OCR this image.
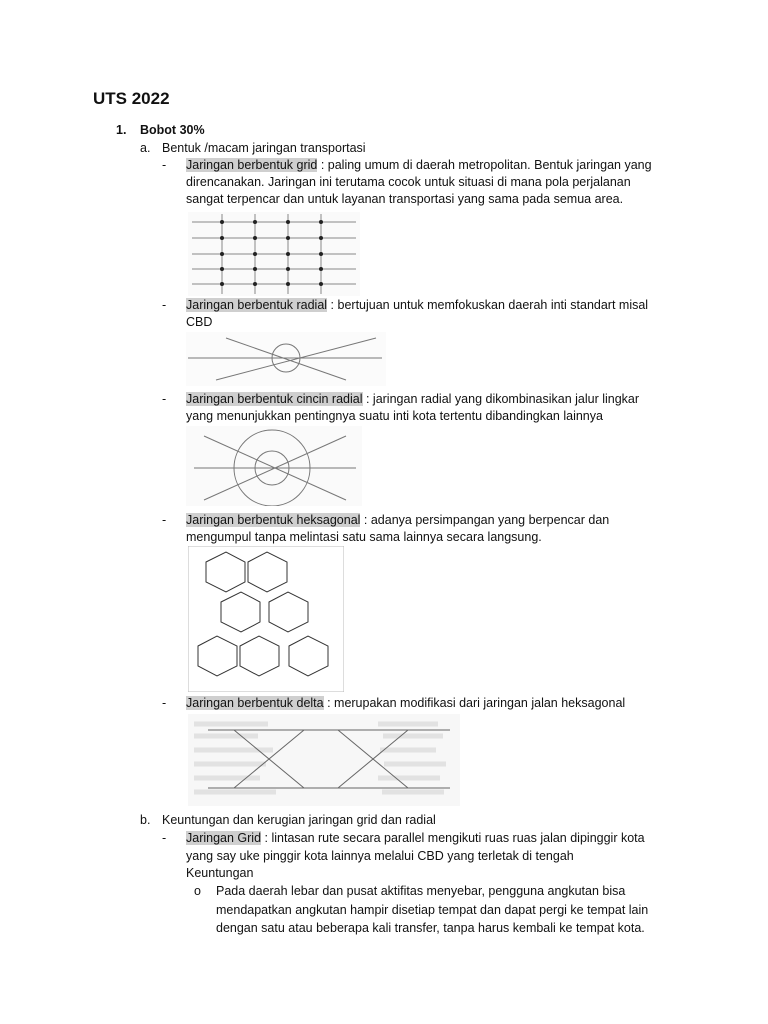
UTS 2022
1. Bobot 30%
a. Bentuk /macam jaringan transportasi
- Jaringan berbentuk grid : paling umum di daerah metropolitan. Bentuk jaringan yang
direncanakan. Jaringan ini terutama cocok untuk situasi di mana pola perjalanan
sangat terpencar dan untuk layanan transportasi yang sama pada semua area.
- Jaringan berbentuk radial : bertujuan untuk memfokuskan daerah inti standart misal
CBD
- Jaringan berbentuk cincin radial : jaringan radial yang dikombinasikan jalur lingkar
yang menunjukkan pentingnya suatu inti kota tertentu dibandingkan lainnya
- Jaringan berbentuk heksagonal : adanya persimpangan yang berpencar dan
mengumpul tanpa melintasi satu sama lainnya secara langsung.
- Jaringan berbentuk delta : merupakan modifikasi dari jaringan jalan heksagonal
b. Keuntungan dan kerugian jaringan grid dan radial
- Jaringan Grid : lintasan rute secara parallel mengikuti ruas ruas jalan dipinggir kota
yang say uke pinggir kota lainnya melalui CBD yang terletak di tengah
Keuntungan
o Pada daerah lebar dan pusat aktifitas menyebar, pengguna angkutan bisa
mendapatkan angkutan hampir disetiap tempat dan dapat pergi ke tempat lain
dengan satu atau beberapa kali transfer, tanpa harus kembali ke tempat kota.
